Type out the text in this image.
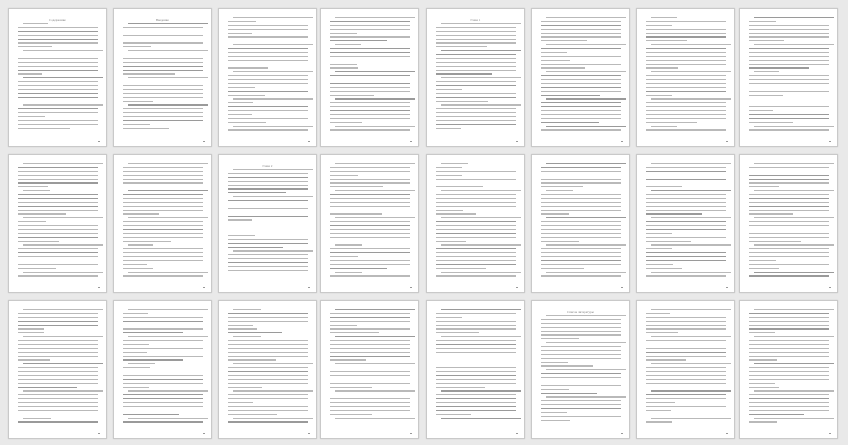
Содержание	Введение	Глава 1
Глава 2
Список литературы
